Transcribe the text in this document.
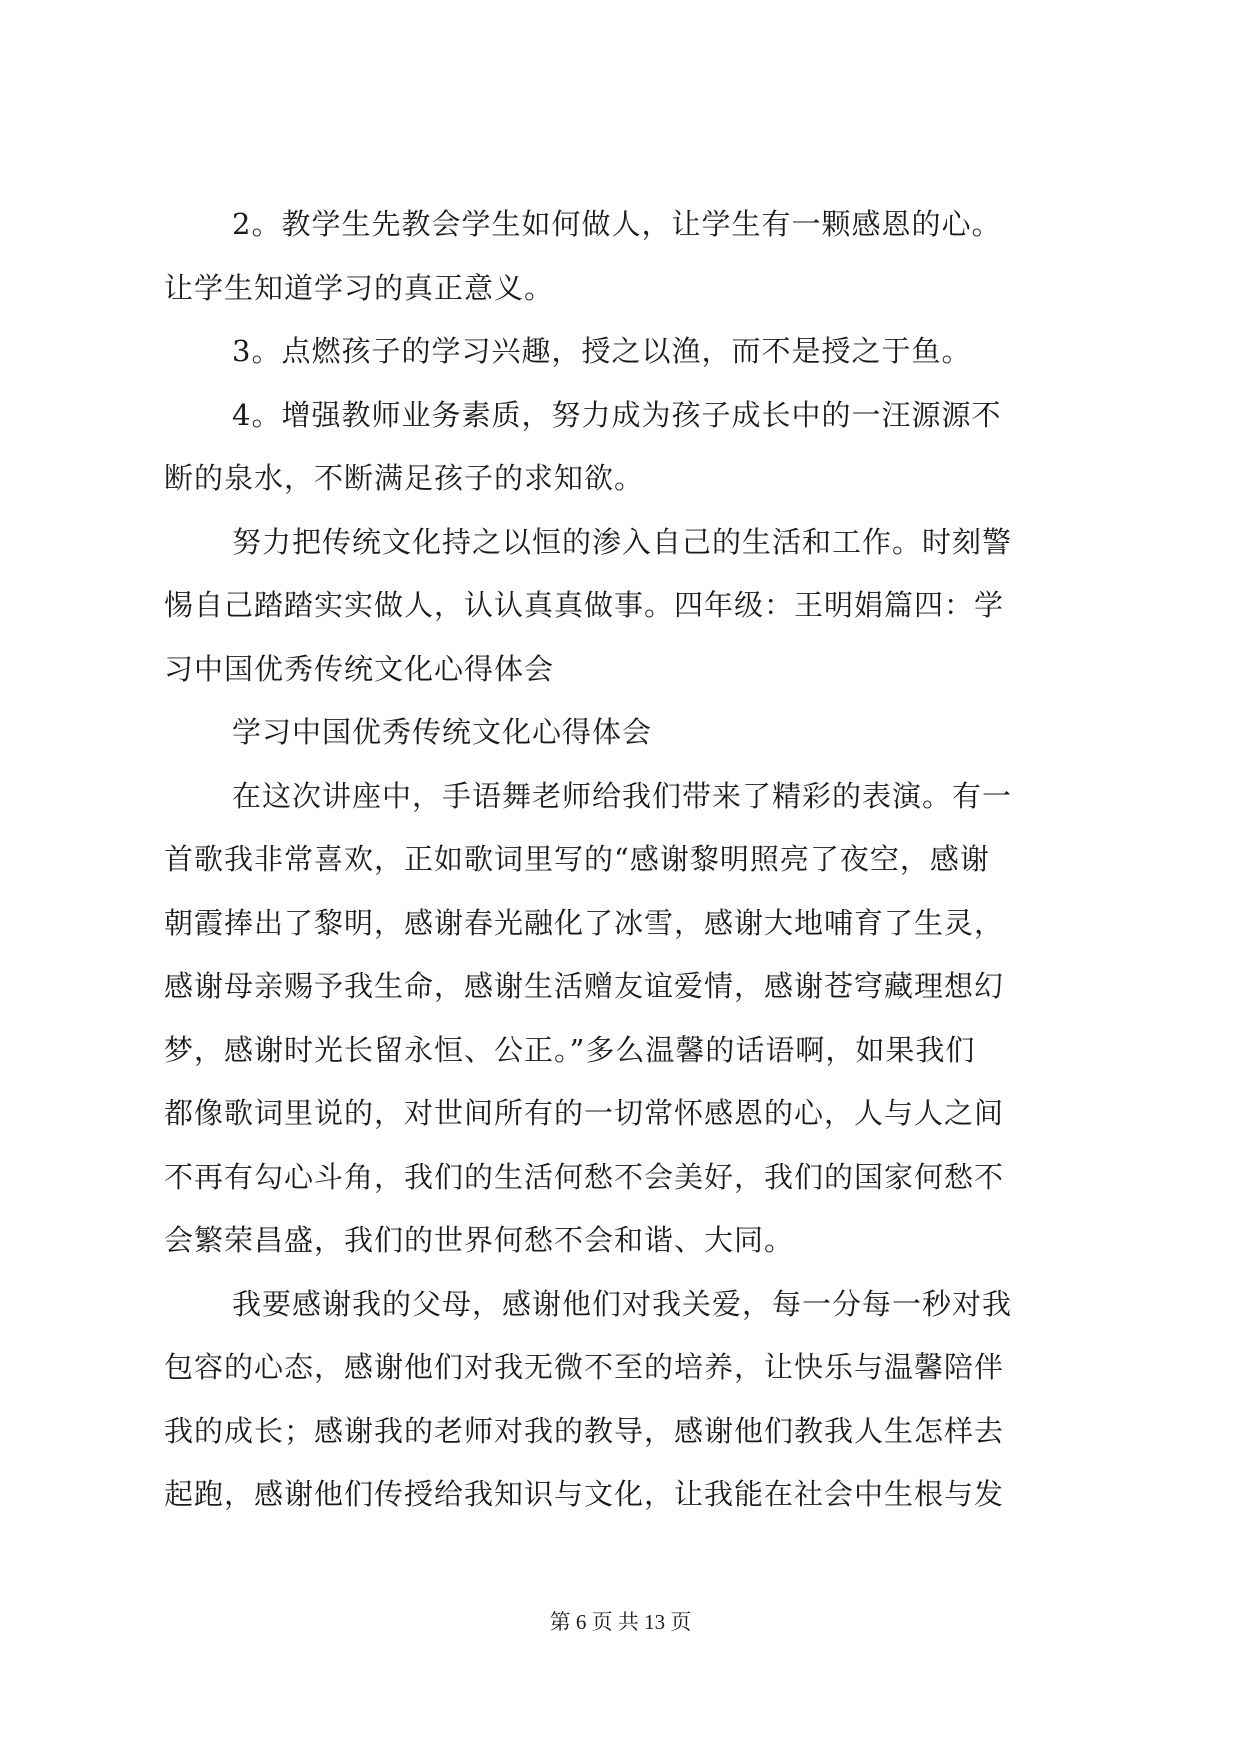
2。教学生先教会学生如何做人，让学生有一颗感恩的心。
让学生知道学习的真正意义。
3。点燃孩子的学习兴趣，授之以渔，而不是授之于鱼。
4。增强教师业务素质，努力成为孩子成长中的一汪源源不
断的泉水，不断满足孩子的求知欲。
努力把传统文化持之以恒的渗入自己的生活和工作。时刻警
惕自己踏踏实实做人，认认真真做事。四年级：王明娟篇四：学
习中国优秀传统文化心得体会
学习中国优秀传统文化心得体会
在这次讲座中，手语舞老师给我们带来了精彩的表演。有一
首歌我非常喜欢，正如歌词里写的“感谢黎明照亮了夜空，感谢
朝霞捧出了黎明，感谢春光融化了冰雪，感谢大地哺育了生灵，
感谢母亲赐予我生命，感谢生活赠友谊爱情，感谢苍穹藏理想幻
梦，感谢时光长留永恒、公正。”多么温馨的话语啊，如果我们
都像歌词里说的，对世间所有的一切常怀感恩的心，人与人之间
不再有勾心斗角，我们的生活何愁不会美好，我们的国家何愁不
会繁荣昌盛，我们的世界何愁不会和谐、大同。
我要感谢我的父母，感谢他们对我关爱，每一分每一秒对我
包容的心态，感谢他们对我无微不至的培养，让快乐与温馨陪伴
我的成长；感谢我的老师对我的教导，感谢他们教我人生怎样去
起跑，感谢他们传授给我知识与文化，让我能在社会中生根与发
第 6 页 共 13 页
